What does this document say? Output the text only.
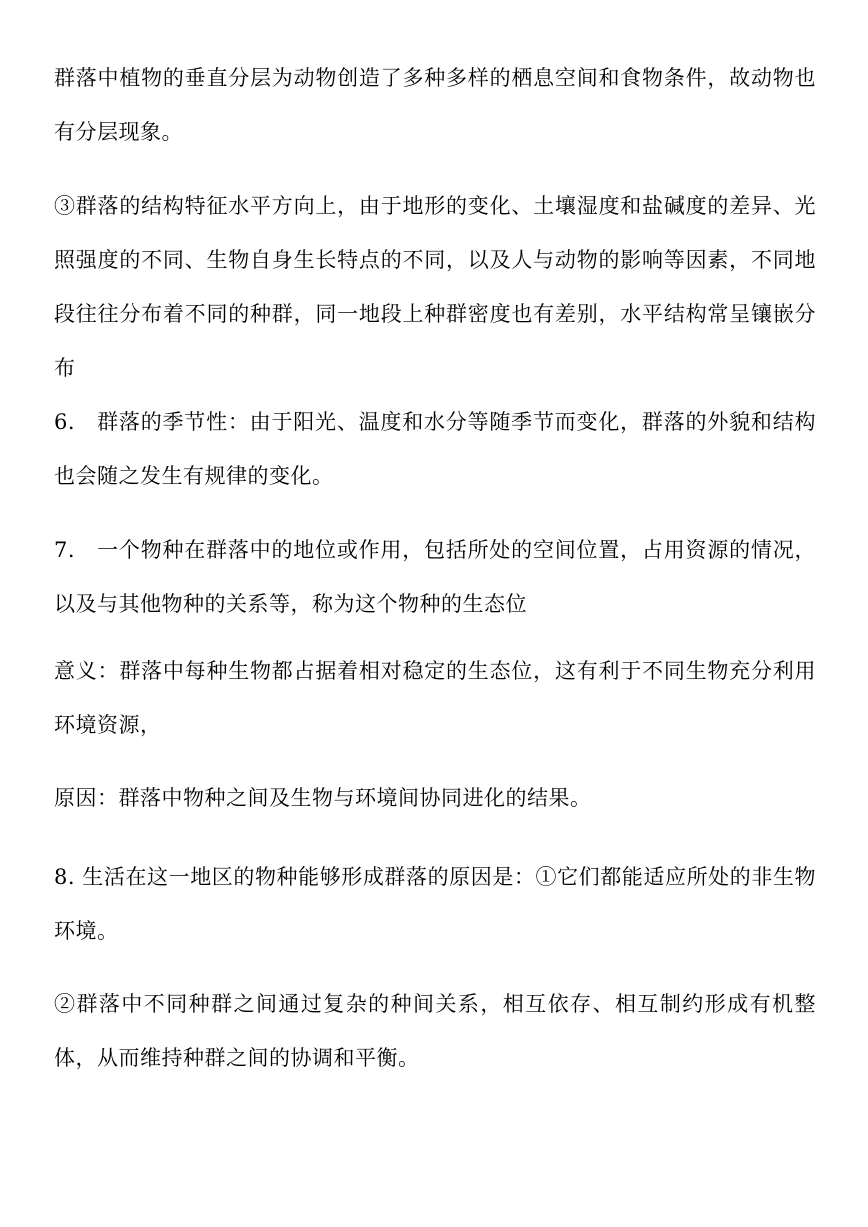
群落中植物的垂直分层为动物创造了多种多样的栖息空间和食物条件，故动物也有分层现象。

③群落的结构特征水平方向上，由于地形的变化、土壤湿度和盐碱度的差异、光照强度的不同、生物自身生长特点的不同，以及人与动物的影响等因素，不同地段往往分布着不同的种群，同一地段上种群密度也有差别，水平结构常呈镶嵌分布

6.　群落的季节性：由于阳光、温度和水分等随季节而变化，群落的外貌和结构也会随之发生有规律的变化。

7.　一个物种在群落中的地位或作用，包括所处的空间位置，占用资源的情况，以及与其他物种的关系等，称为这个物种的生态位

意义：群落中每种生物都占据着相对稳定的生态位，这有利于不同生物充分利用环境资源，

原因：群落中物种之间及生物与环境间协同进化的结果。

8. 生活在这一地区的物种能够形成群落的原因是：①它们都能适应所处的非生物环境。

②群落中不同种群之间通过复杂的种间关系，相互依存、相互制约形成有机整体，从而维持种群之间的协调和平衡。
